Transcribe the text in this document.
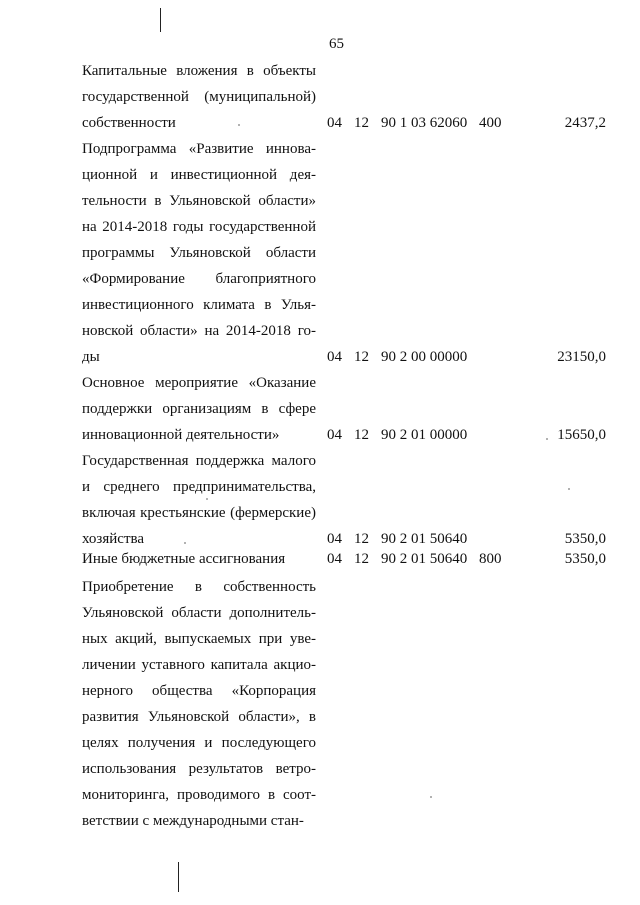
65
Капитальные вложения в объекты
государственной (муниципальной)
собственности	04 12 90 1 03 62060 400	2437,2
Подпрограмма «Развитие иннова-
ционной и инвестиционной дея-
тельности в Ульяновской области»
на 2014-2018 годы государственной
программы Ульяновской области
«Формирование благоприятного
инвестиционного климата в Улья-
новской области» на 2014-2018 го-
ды	04 12 90 2 00 00000	23150,0
Основное мероприятие «Оказание
поддержки организациям в сфере
инновационной деятельности»	04 12 90 2 01 00000	15650,0
Государственная поддержка малого
и среднего предпринимательства,
включая крестьянские (фермерские)
хозяйства	04 12 90 2 01 50640	5350,0
Иные бюджетные ассигнования	04 12 90 2 01 50640 800	5350,0
Приобретение в собственность
Ульяновской области дополнитель-
ных акций, выпускаемых при уве-
личении уставного капитала акцио-
нерного общества «Корпорация
развития Ульяновской области», в
целях получения и последующего
использования результатов ветро-
мониторинга, проводимого в соот-
ветствии с международными стан-
